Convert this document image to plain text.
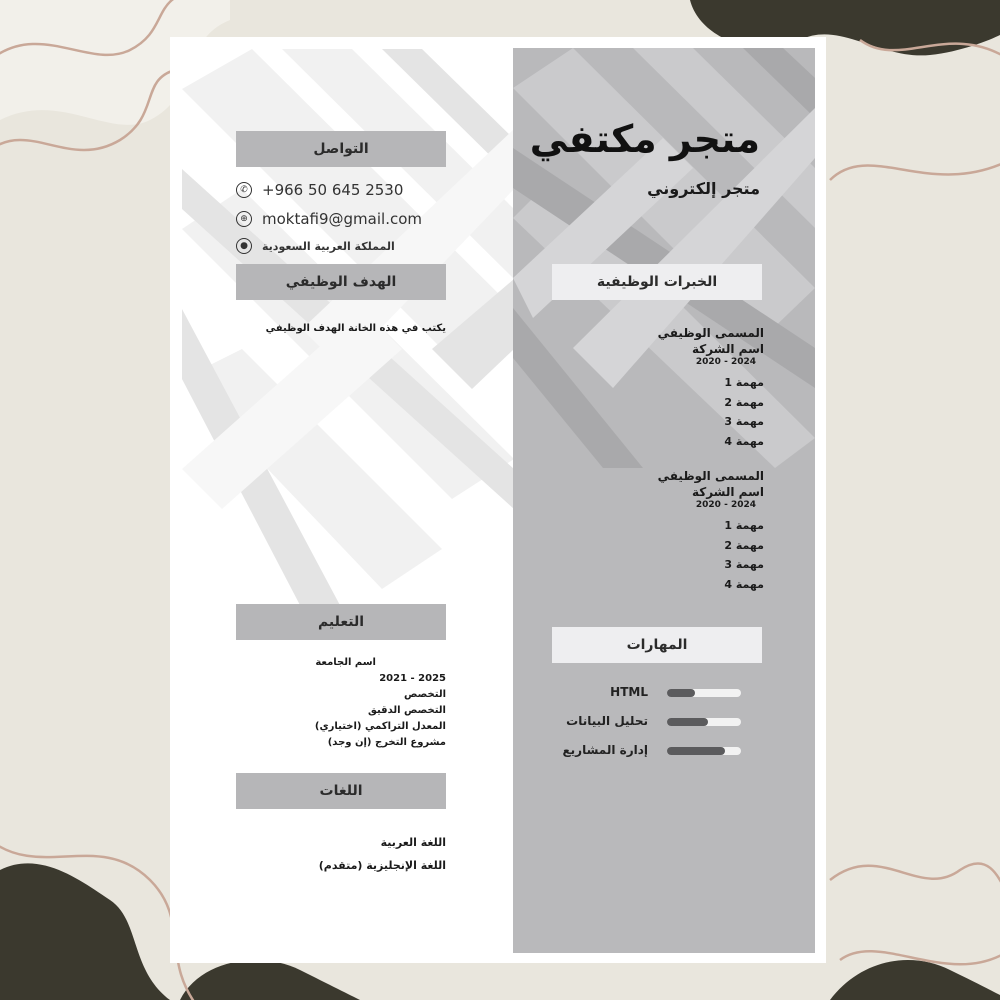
متجر مكتفي
متجر إلكتروني
التواصل
✆ +966 50 645 2530
⊕ moktafi9@gmail.com
●	المملكة العربية السعودية
الهدف الوظيفي
يكتب في هذه الخانة الهدف الوظيفي
التعليم
اسم الجامعة
2021 - 2025
التخصص
التخصص الدقيق
المعدل التراكمي (اختياري)
مشروع التخرج (إن وجد)
اللغات
اللغة العربية
اللغة الإنجليزية (متقدم)
الخبرات الوظيفية
المسمى الوظيفي
اسم الشركة
2020 - 2024
مهمة 1
مهمة 2
مهمة 3
مهمة 4
المسمى الوظيفي
اسم الشركة
2020 - 2024
مهمة 1
مهمة 2
مهمة 3
مهمة 4
المهارات
HTML
تحليل البيانات
إدارة المشاريع
